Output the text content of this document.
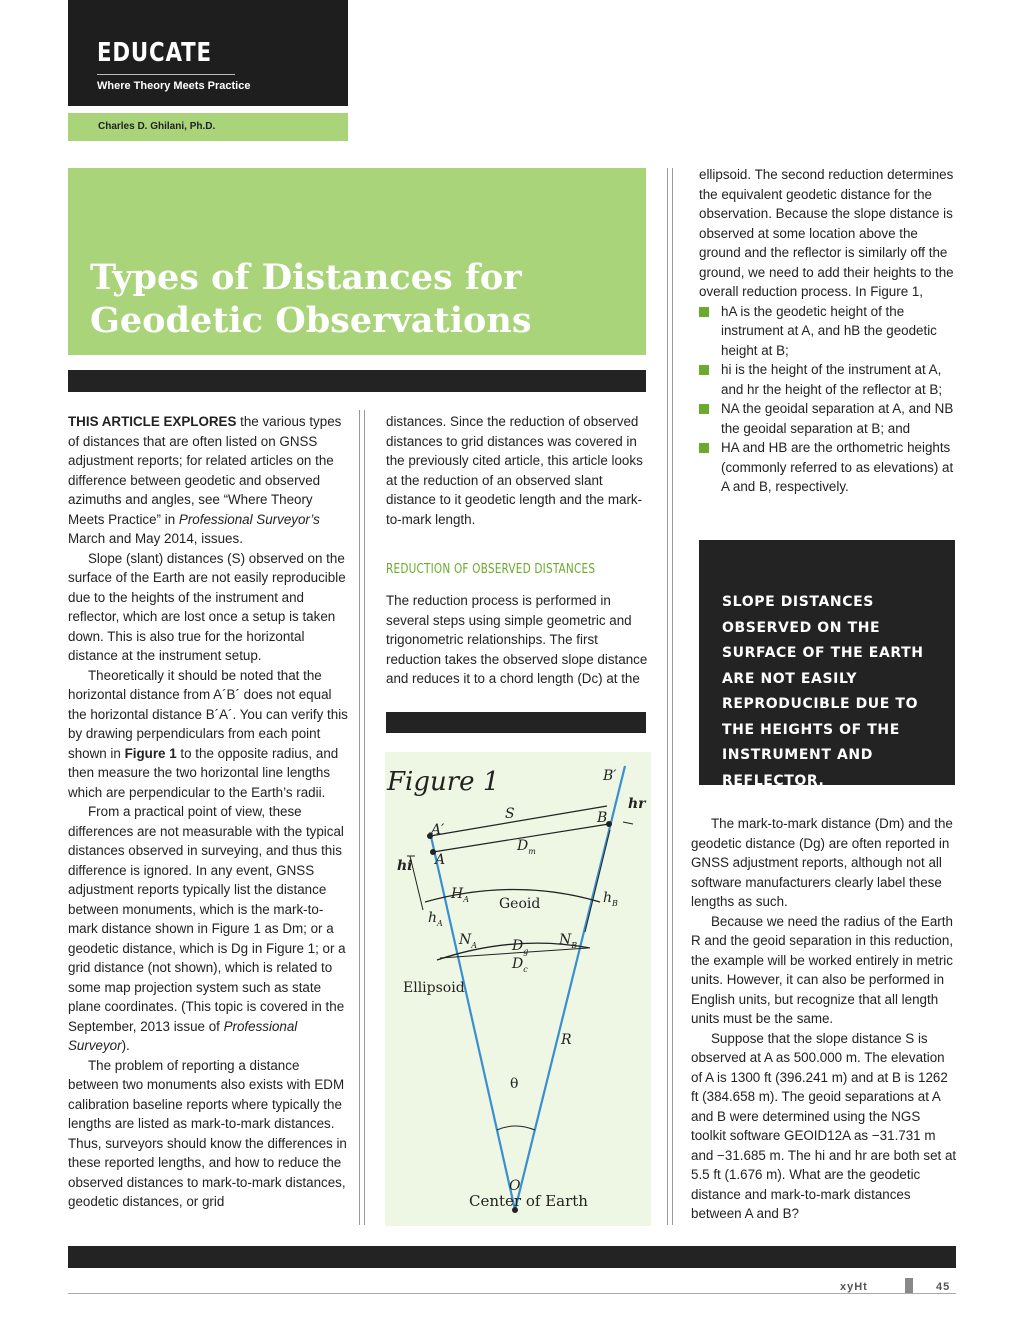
EDUCATE
Where Theory Meets Practice
Charles D. Ghilani, Ph.D.
Types of Distances for
Geodetic Observations

THIS ARTICLE EXPLORES the various types of distances that are often listed on GNSS adjustment reports; for related articles on the difference between geodetic and observed azimuths and angles, see “Where Theory Meets Practice” in Professional Surveyor’s March and May 2014, issues.

Slope (slant) distances (S) observed on the surface of the Earth are not easily reproducible due to the heights of the instrument and reflector, which are lost once a setup is taken down. This is also true for the horizontal distance at the instrument setup.

Theoretically it should be noted that the horizontal distance from A´B´ does not equal the horizontal distance B´A´. You can verify this by drawing perpendiculars from each point shown in Figure 1 to the opposite radius, and then measure the two horizontal line lengths which are perpendicular to the Earth’s radii.

From a practical point of view, these differences are not measurable with the typical distances observed in surveying, and thus this difference is ignored. In any event, GNSS adjustment reports typically list the distance between monuments, which is the mark-to-mark distance shown in Figure 1 as Dm; or a geodetic distance, which is Dg in Figure 1; or a grid distance (not shown), which is related to some map projection system such as state plane coordinates. (This topic is covered in the September, 2013 issue of Professional Surveyor).

The problem of reporting a distance between two monuments also exists with EDM calibration baseline reports where typically the lengths are listed as mark-to-mark distances. Thus, surveyors should know the differences in these reported lengths, and how to reduce the observed distances to mark-to-mark distances, geodetic distances, or grid

distances. Since the reduction of observed distances to grid distances was covered in the previously cited article, this article looks at the reduction of an observed slant distance to it geodetic length and the mark-to-mark length.

REDUCTION OF OBSERVED DISTANCES

The reduction process is performed in several steps using simple geometric and trigonometric relationships. The first reduction takes the observed slope distance and reduces it to a chord length (Dc) at the

Figure 1
S
$D_m$
A′
A
B′
B
hi
hr
$H_A$
$h_A$
$h_B$
Geoid
$N_A$	$N_B$
$D_g$
$D_c$
Ellipsoid
R
θ
O
Center of Earth

ellipsoid. The second reduction determines the equivalent geodetic distance for the observation. Because the slope distance is observed at some location above the ground and the reflector is similarly off the ground, we need to add their heights to the overall reduction process. In Figure 1,

hA is the geodetic height of the instrument at A, and hB the geodetic height at B;
hi is the height of the instrument at A, and hr the height of the reflector at B;
NA the geoidal separation at A, and NB the geoidal separation at B; and
HA and HB are the orthometric heights (commonly referred to as elevations) at A and B, respectively.
SLOPE DISTANCES OBSERVED ON THE SURFACE OF THE EARTH ARE NOT EASILY REPRODUCIBLE DUE TO THE HEIGHTS OF THE INSTRUMENT AND REFLECTOR.

The mark-to-mark distance (Dm) and the geodetic distance (Dg) are often reported in GNSS adjustment reports, although not all software manufacturers clearly label these lengths as such.

Because we need the radius of the Earth R and the geoid separation in this reduction, the example will be worked entirely in metric units. However, it can also be performed in English units, but recognize that all length units must be the same.

Suppose that the slope distance S is observed at A as 500.000 m. The elevation of A is 1300 ft (396.241 m) and at B is 1262 ft (384.658 m). The geoid separations at A and B were determined using the NGS toolkit software GEOID12A as −31.731 m and −31.685 m. The hi and hr are both set at 5.5 ft (1.676 m). What are the geodetic distance and mark-to-mark distances between A and B?

xyHt	45
